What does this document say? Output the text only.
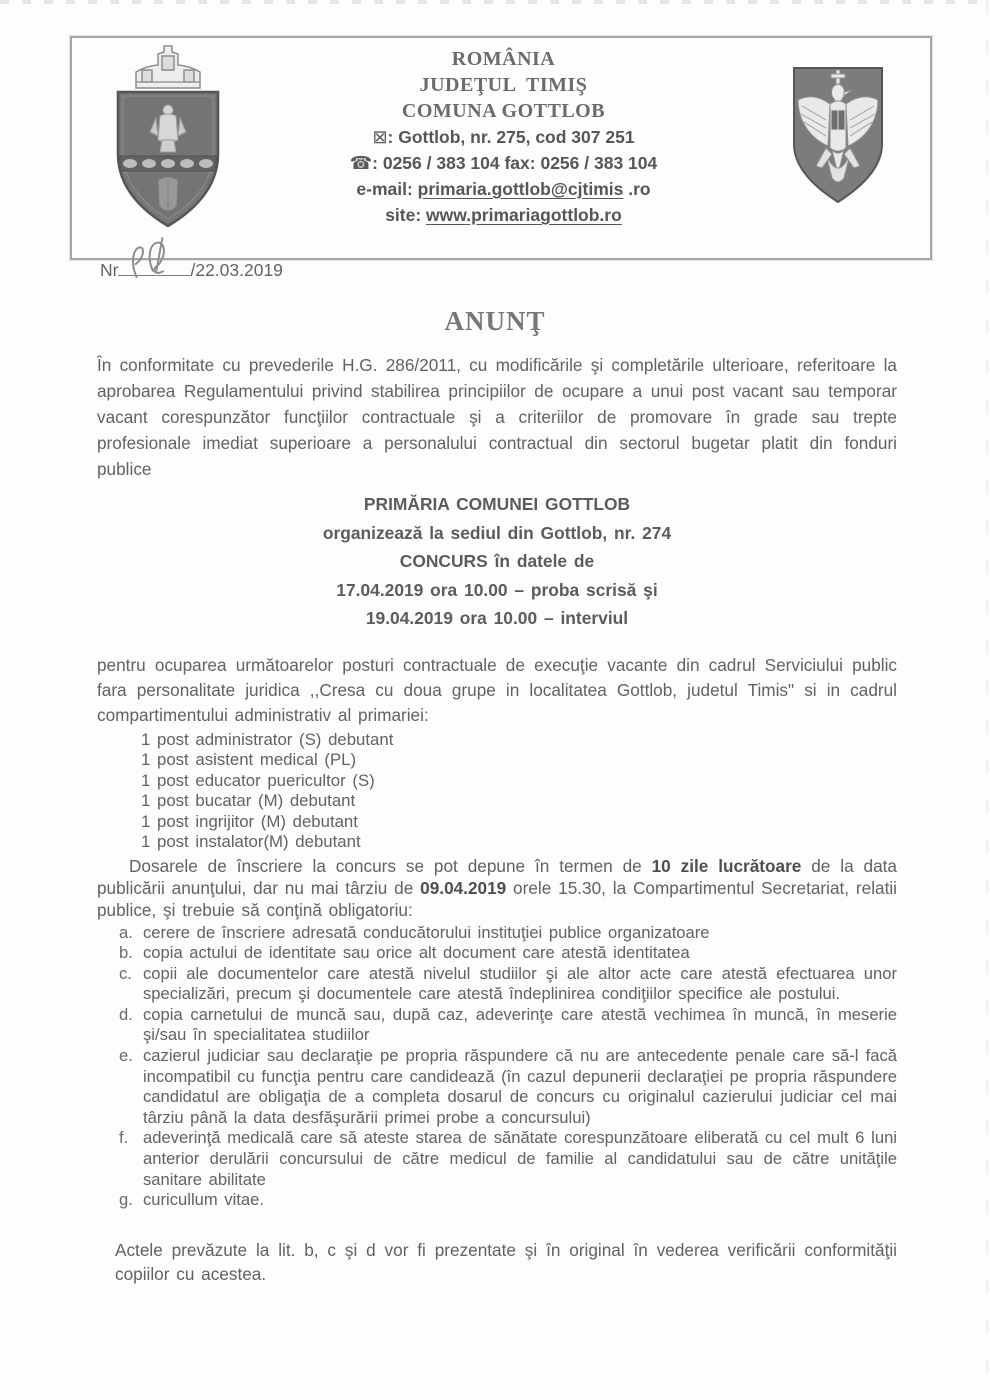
ROMÂNIA
JUDEŢUL  TIMIŞ
COMUNA GOTTLOB
⊠: Gottlob, nr. 275, cod 307 251
☎: 0256 / 383 104 fax: 0256 / 383 104
e-mail: primaria.gottlob@cjtimis .ro
site: www.primariagottlob.ro
Nr	/22.03.2019
ANUNŢ

În conformitate cu prevederile H.G. 286/2011, cu modificările şi completările ulterioare, referitoare la aprobarea Regulamentului privind stabilirea principiilor de ocupare a unui post vacant sau temporar vacant corespunzător funcţiilor contractuale şi a criteriilor de promovare în grade sau trepte profesionale imediat superioare a personalului contractual din sectorul bugetar platit din fonduri publice

PRIMĂRIA COMUNEI GOTTLOB
organizează la sediul din Gottlob, nr. 274
CONCURS în datele de
17.04.2019 ora 10.00 – proba scrisă şi
19.04.2019 ora 10.00 – interviul

pentru ocuparea următoarelor posturi contractuale de execuţie vacante din cadrul Serviciului public fara personalitate juridica ,,Cresa cu doua grupe in localitatea Gottlob, judetul Timis" si in cadrul compartimentului administrativ al primariei:

1 post administrator (S) debutant
1 post asistent medical (PL)
1 post educator puericultor (S)
1 post bucatar (M) debutant
1 post ingrijitor (M) debutant
1 post instalator(M) debutant

Dosarele de înscriere la concurs se pot depune în termen de 10 zile lucrătoare de la data publicării anunţului, dar nu mai târziu de 09.04.2019 orele 15.30, la Compartimentul Secretariat, relatii publice, şi trebuie să conţină obligatoriu:

a. cerere de înscriere adresată conducătorului instituţiei publice organizatoare
b. copia actului de identitate sau orice alt document care atestă identitatea
c. copii ale documentelor care atestă nivelul studiilor şi ale altor acte care atestă efectuarea unor specializări, precum şi documentele care atestă îndeplinirea condiţiilor specifice ale postului.
d. copia carnetului de muncă sau, după caz, adeverinţe care atestă vechimea în muncă, în meserie şi/sau în specialitatea studiilor
e. cazierul judiciar sau declaraţie pe propria răspundere că nu are antecedente penale care să-l facă incompatibil cu funcţia pentru care candidează (în cazul depunerii declaraţiei pe propria răspundere candidatul are obligaţia de a completa dosarul de concurs cu originalul cazierului judiciar cel mai târziu până la data desfăşurării primei probe a concursului)
f. adeverinţă medicală care să ateste starea de sănătate corespunzătoare eliberată cu cel mult 6 luni anterior derulării concursului de către medicul de familie al candidatului sau de către unităţile sanitare abilitate
g. curicullum vitae.

Actele prevăzute la lit. b, c şi d vor fi prezentate şi în original în vederea verificării conformităţii copiilor cu acestea.
